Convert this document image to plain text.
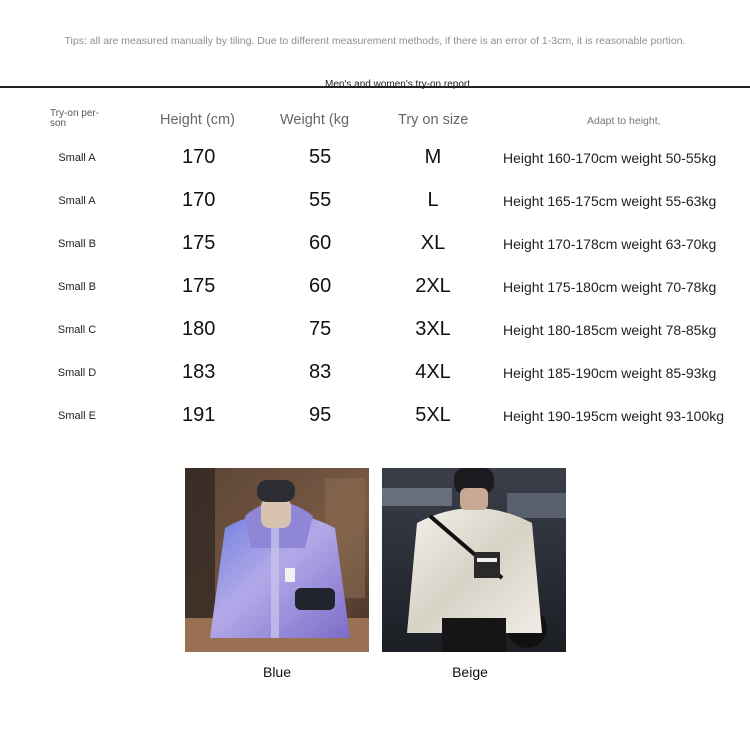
Tips: all are measured manually by tiling. Due to different measurement methods, if there is an error of 1-3cm, it is reasonable portion.
Men's and women's try-on report
Try-on per-son	Height (cm)	Weight (kg	Try on size	Adapt to height,
Small A	170	55	M	Height 160-170cm weight 50-55kg
Small A	170	55	L	Height 165-175cm weight 55-63kg
Small B	175	60	XL	Height 170-178cm weight 63-70kg
Small B	175	60	2XL	Height 175-180cm weight 70-78kg
Small C	180	75	3XL	Height 180-185cm weight 78-85kg
Small D	183	83	4XL	Height 185-190cm weight 85-93kg
Small E	191	95	5XL	Height 190-195cm weight 93-100kg
Blue	Beige
